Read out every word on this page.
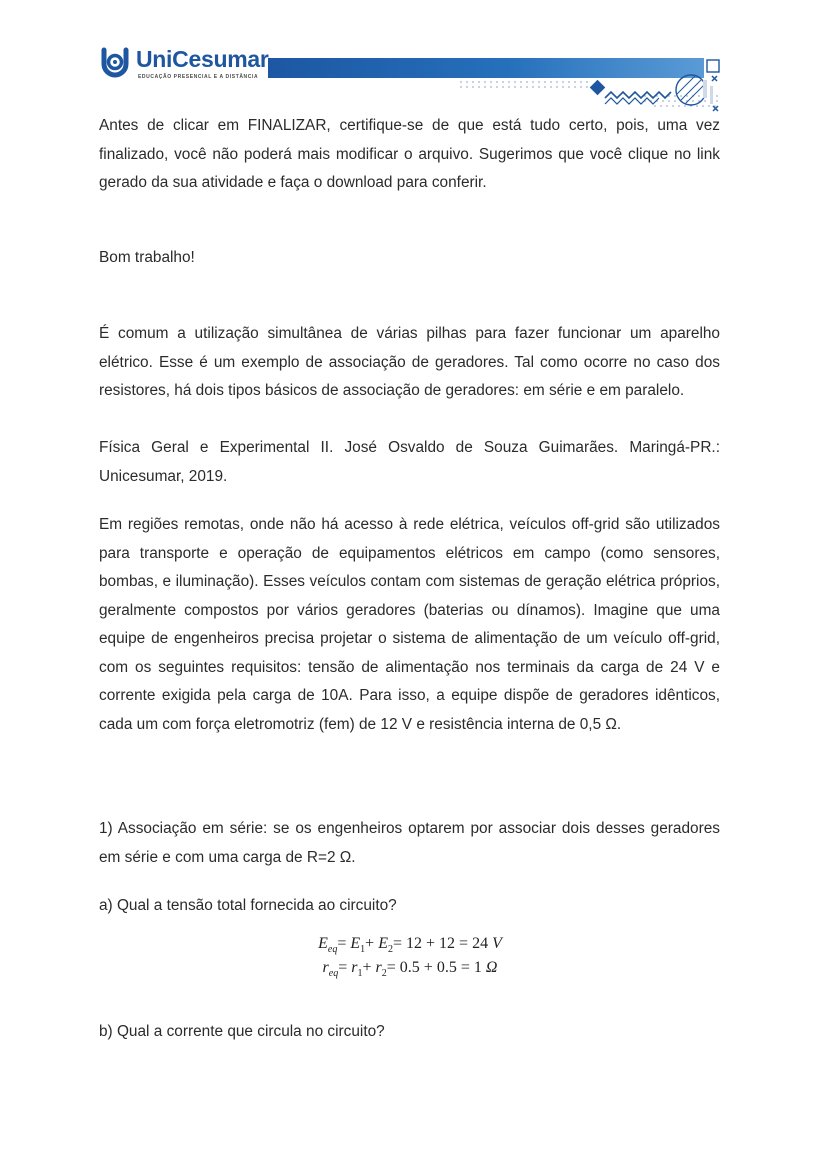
UniCesumar
EDUCAÇÃO PRESENCIAL E A DISTÂNCIA

Antes de clicar em FINALIZAR, certifique-se de que está tudo certo, pois, uma vez finalizado, você não poderá mais modificar o arquivo. Sugerimos que você clique no link gerado da sua atividade e faça o download para conferir.

Bom trabalho!

É comum a utilização simultânea de várias pilhas para fazer funcionar um aparelho elétrico. Esse é um exemplo de associação de geradores. Tal como ocorre no caso dos resistores, há dois tipos básicos de associação de geradores: em série e em paralelo.

Física Geral e Experimental II. José Osvaldo de Souza Guimarães. Maringá-PR.: Unicesumar, 2019.

Em regiões remotas, onde não há acesso à rede elétrica, veículos off-grid são utilizados para transporte e operação de equipamentos elétricos em campo (como sensores, bombas, e iluminação). Esses veículos contam com sistemas de geração elétrica próprios, geralmente compostos por vários geradores (baterias ou dínamos). Imagine que uma equipe de engenheiros precisa projetar o sistema de alimentação de um veículo off-grid, com os seguintes requisitos: tensão de alimentação nos terminais da carga de 24 V e corrente exigida pela carga de 10A. Para isso, a equipe dispõe de geradores idênticos, cada um com força eletromotriz (fem) de 12 V e resistência interna de 0,5 Ω.

1) Associação em série: se os engenheiros optarem por associar dois desses geradores em série e com uma carga de R=2 Ω.

a) Qual a tensão total fornecida ao circuito?

$E_{eq}= E_1+ E_2= 12 + 12 = 24$ V
$r_{eq}= r_1+ r_2= 0.5 + 0.5 = 1$ Ω

b) Qual a corrente que circula no circuito?
